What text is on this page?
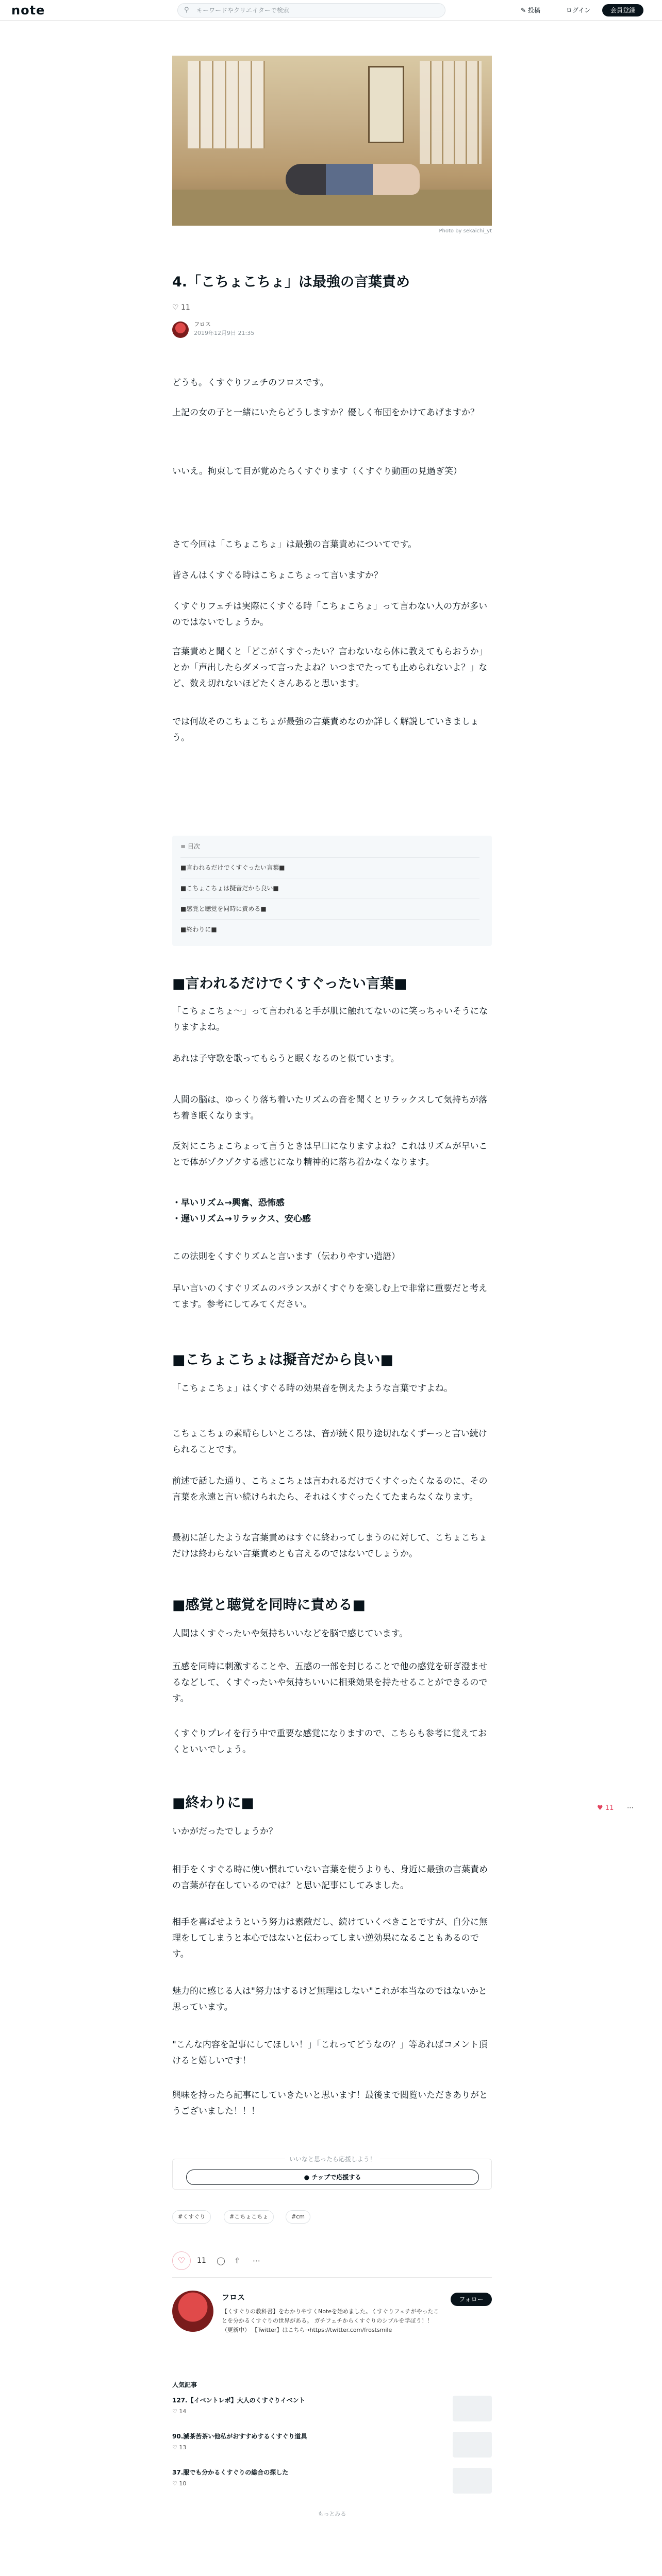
note	⚲ キーワードやクリエイターで検索	✎ 投稿	ログイン	会員登録
Photo by sekaichi_yt
4.「こちょこちょ」は最強の言葉責め
♡ 11
フロス
2019年12月9日 21:35

どうも。くすぐりフェチのフロスです。

上記の女の子と一緒にいたらどうしますか？優しく布団をかけてあげますか？

いいえ。拘束して目が覚めたらくすぐります（くすぐり動画の見過ぎ笑）

さて今回は「こちょこちょ」は最強の言葉責めについてです。

皆さんはくすぐる時はこちょこちょって言いますか？

くすぐりフェチは実際にくすぐる時「こちょこちょ」って言わない人の方が多いのではないでしょうか。

言葉責めと聞くと「どこがくすぐったい？言わないなら体に教えてもらおうか」とか「声出したらダメって言ったよね？いつまでたっても止められないよ？」など、数え切れないほどたくさんあると思います。

では何故そのこちょこちょが最強の言葉責めなのか詳しく解説していきましょう。

≡ 目次
■言われるだけでくすぐったい言葉■
■こちょこちょは擬音だから良い■
■感覚と聴覚を同時に責める■
■終わりに■
■言われるだけでくすぐったい言葉■

「こちょこちょ〜」って言われると手が肌に触れてないのに笑っちゃいそうになりますよね。

あれは子守歌を歌ってもらうと眠くなるのと似ています。

人間の脳は、ゆっくり落ち着いたリズムの音を聞くとリラックスして気持ちが落ち着き眠くなります。

反対にこちょこちょって言うときは早口になりますよね？これはリズムが早いことで体がゾクゾクする感じになり精神的に落ち着かなくなります。

・早いリズム→興奮、恐怖感
・遅いリズム→リラックス、安心感

この法則をくすぐりズムと言います（伝わりやすい造語）

早い言いのくすぐリズムのバランスがくすぐりを楽しむ上で非常に重要だと考えてます。参考にしてみてください。

■こちょこちょは擬音だから良い■

「こちょこちょ」はくすぐる時の効果音を例えたような言葉ですよね。

こちょこちょの素晴らしいところは、音が続く限り途切れなくずーっと言い続けられることです。

前述で話した通り、こちょこちょは言われるだけでくすぐったくなるのに、その言葉を永遠と言い続けられたら、それはくすぐったくてたまらなくなります。

最初に話したような言葉責めはすぐに終わってしまうのに対して、こちょこちょだけは終わらない言葉責めとも言えるのではないでしょうか。

■感覚と聴覚を同時に責める■

人間はくすぐったいや気持ちいいなどを脳で感じています。

五感を同時に刺激することや、五感の一部を封じることで他の感覚を研ぎ澄ませるなどして、くすぐったいや気持ちいいに相乗効果を持たせることができるのです。

くすぐりプレイを行う中で重要な感覚になりますので、こちらも参考に覚えておくといいでしょう。

■終わりに■

いかがだったでしょうか？

相手をくすぐる時に使い慣れていない言葉を使うよりも、身近に最強の言葉責めの言葉が存在しているのでは？と思い記事にしてみました。

相手を喜ばせようという努力は素敵だし、続けていくべきことですが、自分に無理をしてしまうと本心ではないと伝わってしまい逆効果になることもあるのです。

魅力的に感じる人は"努力はするけど無理はしない"これが本当なのではないかと思っています。

"こんな内容を記事にしてほしい！」「これってどうなの？」等あればコメント頂けると嬉しいです！

興味を持ったら記事にしていきたいと思います！最後まで閲覧いただきありがとうございました！！！

いいなと思ったら応援しよう！
● チップで応援する
#くすぐり	#こちょこちょ	#cm
♡	11 ◯ ⇧ ⋯
フロス	フォロー
【くすぐりの教科書】をわかりやすくNoteを始めました。くすぐりフェチがやったことを分かるくすぐりの世界がある。 ガチフェチからくすぐりのシブルを学ぼう！！（更新中） 【Twitter】はこちら→https://twitter.com/frostsmile
人気記事
127.【イベントレポ】大人のくすぐりイベント
♡ 14
90.滅茶苦茶い他私がおすすめするくすぐり道具
♡ 13
37.服でも分かるくすぐりの総合の探した
♡ 10
もっとみる
♥ 11 ⋯
